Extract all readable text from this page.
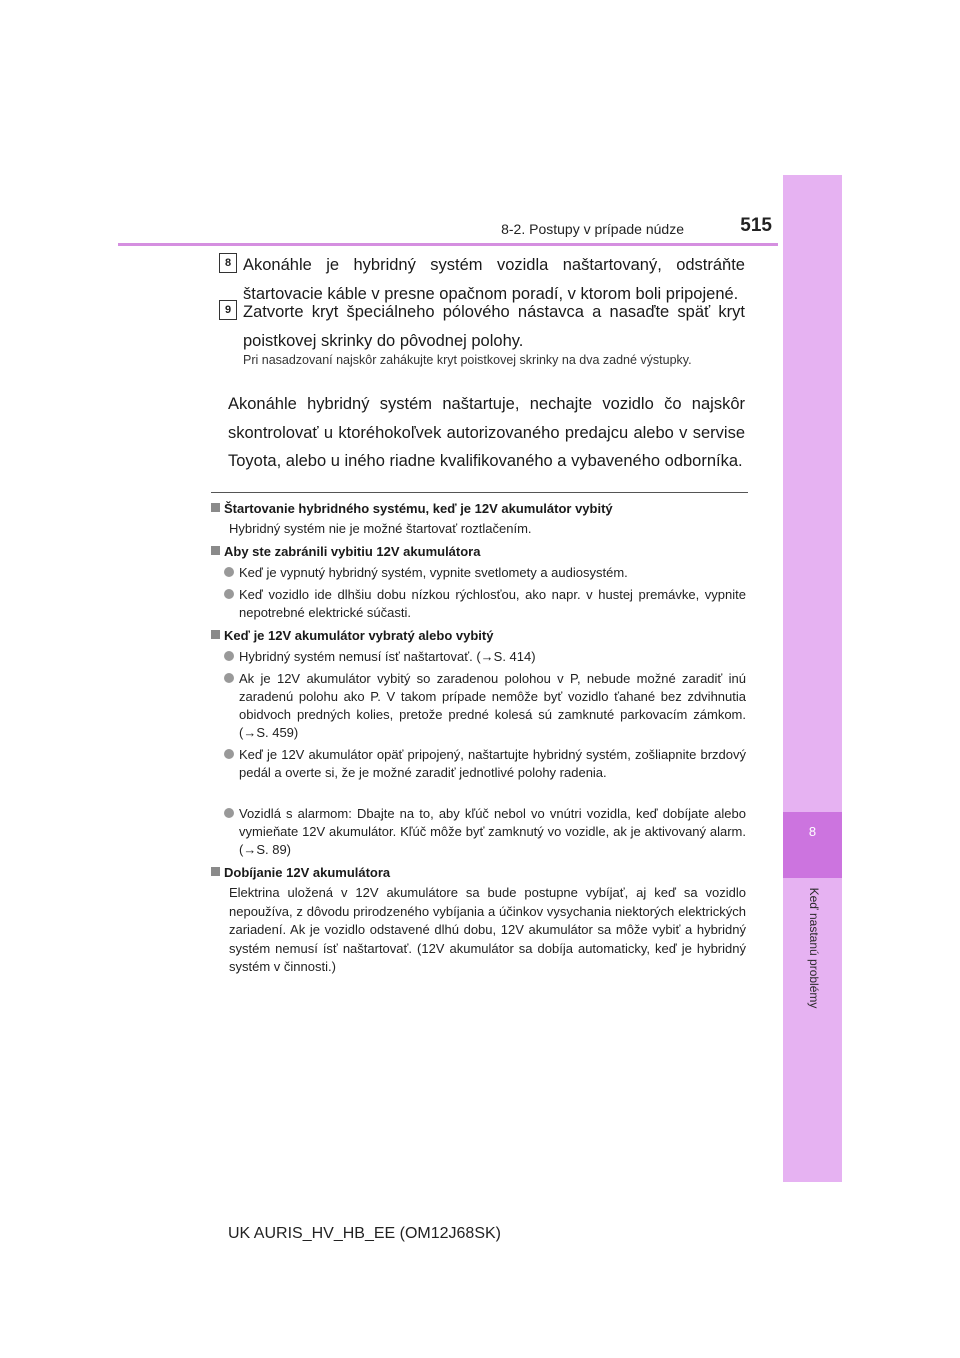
8
Keď nastanú problémy
8-2. Postupy v prípade núdze	515
8 Akonáhle je hybridný systém vozidla naštartovaný, odstráňte štartovacie káble v presne opačnom poradí, v ktorom boli pripojené.
9 Zatvorte kryt špeciálneho pólového nástavca a nasaďte späť kryt poistkovej skrinky do pôvodnej polohy.
Pri nasadzovaní najskôr zahákujte kryt poistkovej skrinky na dva zadné výstupky.
Akonáhle hybridný systém naštartuje, nechajte vozidlo čo najskôr skontrolovať u ktoréhokoľvek autorizovaného predajcu alebo v servise Toyota, alebo u iného riadne kvalifikovaného a vybaveného odborníka.
Štartovanie hybridného systému, keď je 12V akumulátor vybitý
Hybridný systém nie je možné štartovať roztlačením.
Aby ste zabránili vybitiu 12V akumulátora
Keď je vypnutý hybridný systém, vypnite svetlomety a audiosystém.
Keď vozidlo ide dlhšiu dobu nízkou rýchlosťou, ako napr. v hustej premávke, vypnite nepotrebné elektrické súčasti.
Keď je 12V akumulátor vybratý alebo vybitý
Hybridný systém nemusí ísť naštartovať. (→S. 414)
Ak je 12V akumulátor vybitý so zaradenou polohou v P, nebude možné zaradiť inú zaradenú polohu ako P. V takom prípade nemôže byť vozidlo ťahané bez zdvihnutia obidvoch predných kolies, pretože predné kolesá sú zamknuté parkovacím zámkom. (→S. 459)
Keď je 12V akumulátor opäť pripojený, naštartujte hybridný systém, zošliapnite brzdový pedál a overte si, že je možné zaradiť jednotlivé polohy radenia.
Vozidlá s alarmom: Dbajte na to, aby kľúč nebol vo vnútri vozidla, keď dobíjate alebo vymieňate 12V akumulátor. Kľúč môže byť zamknutý vo vozidle, ak je aktivovaný alarm. (→S. 89)
Dobíjanie 12V akumulátora
Elektrina uložená v 12V akumulátore sa bude postupne vybíjať, aj keď sa vozidlo nepoužíva, z dôvodu prirodzeného vybíjania a účinkov vysychania niektorých elektrických zariadení. Ak je vozidlo odstavené dlhú dobu, 12V akumulátor sa môže vybiť a hybridný systém nemusí ísť naštartovať. (12V akumulátor sa dobíja automaticky, keď je hybridný systém v činnosti.)
UK AURIS_HV_HB_EE (OM12J68SK)
